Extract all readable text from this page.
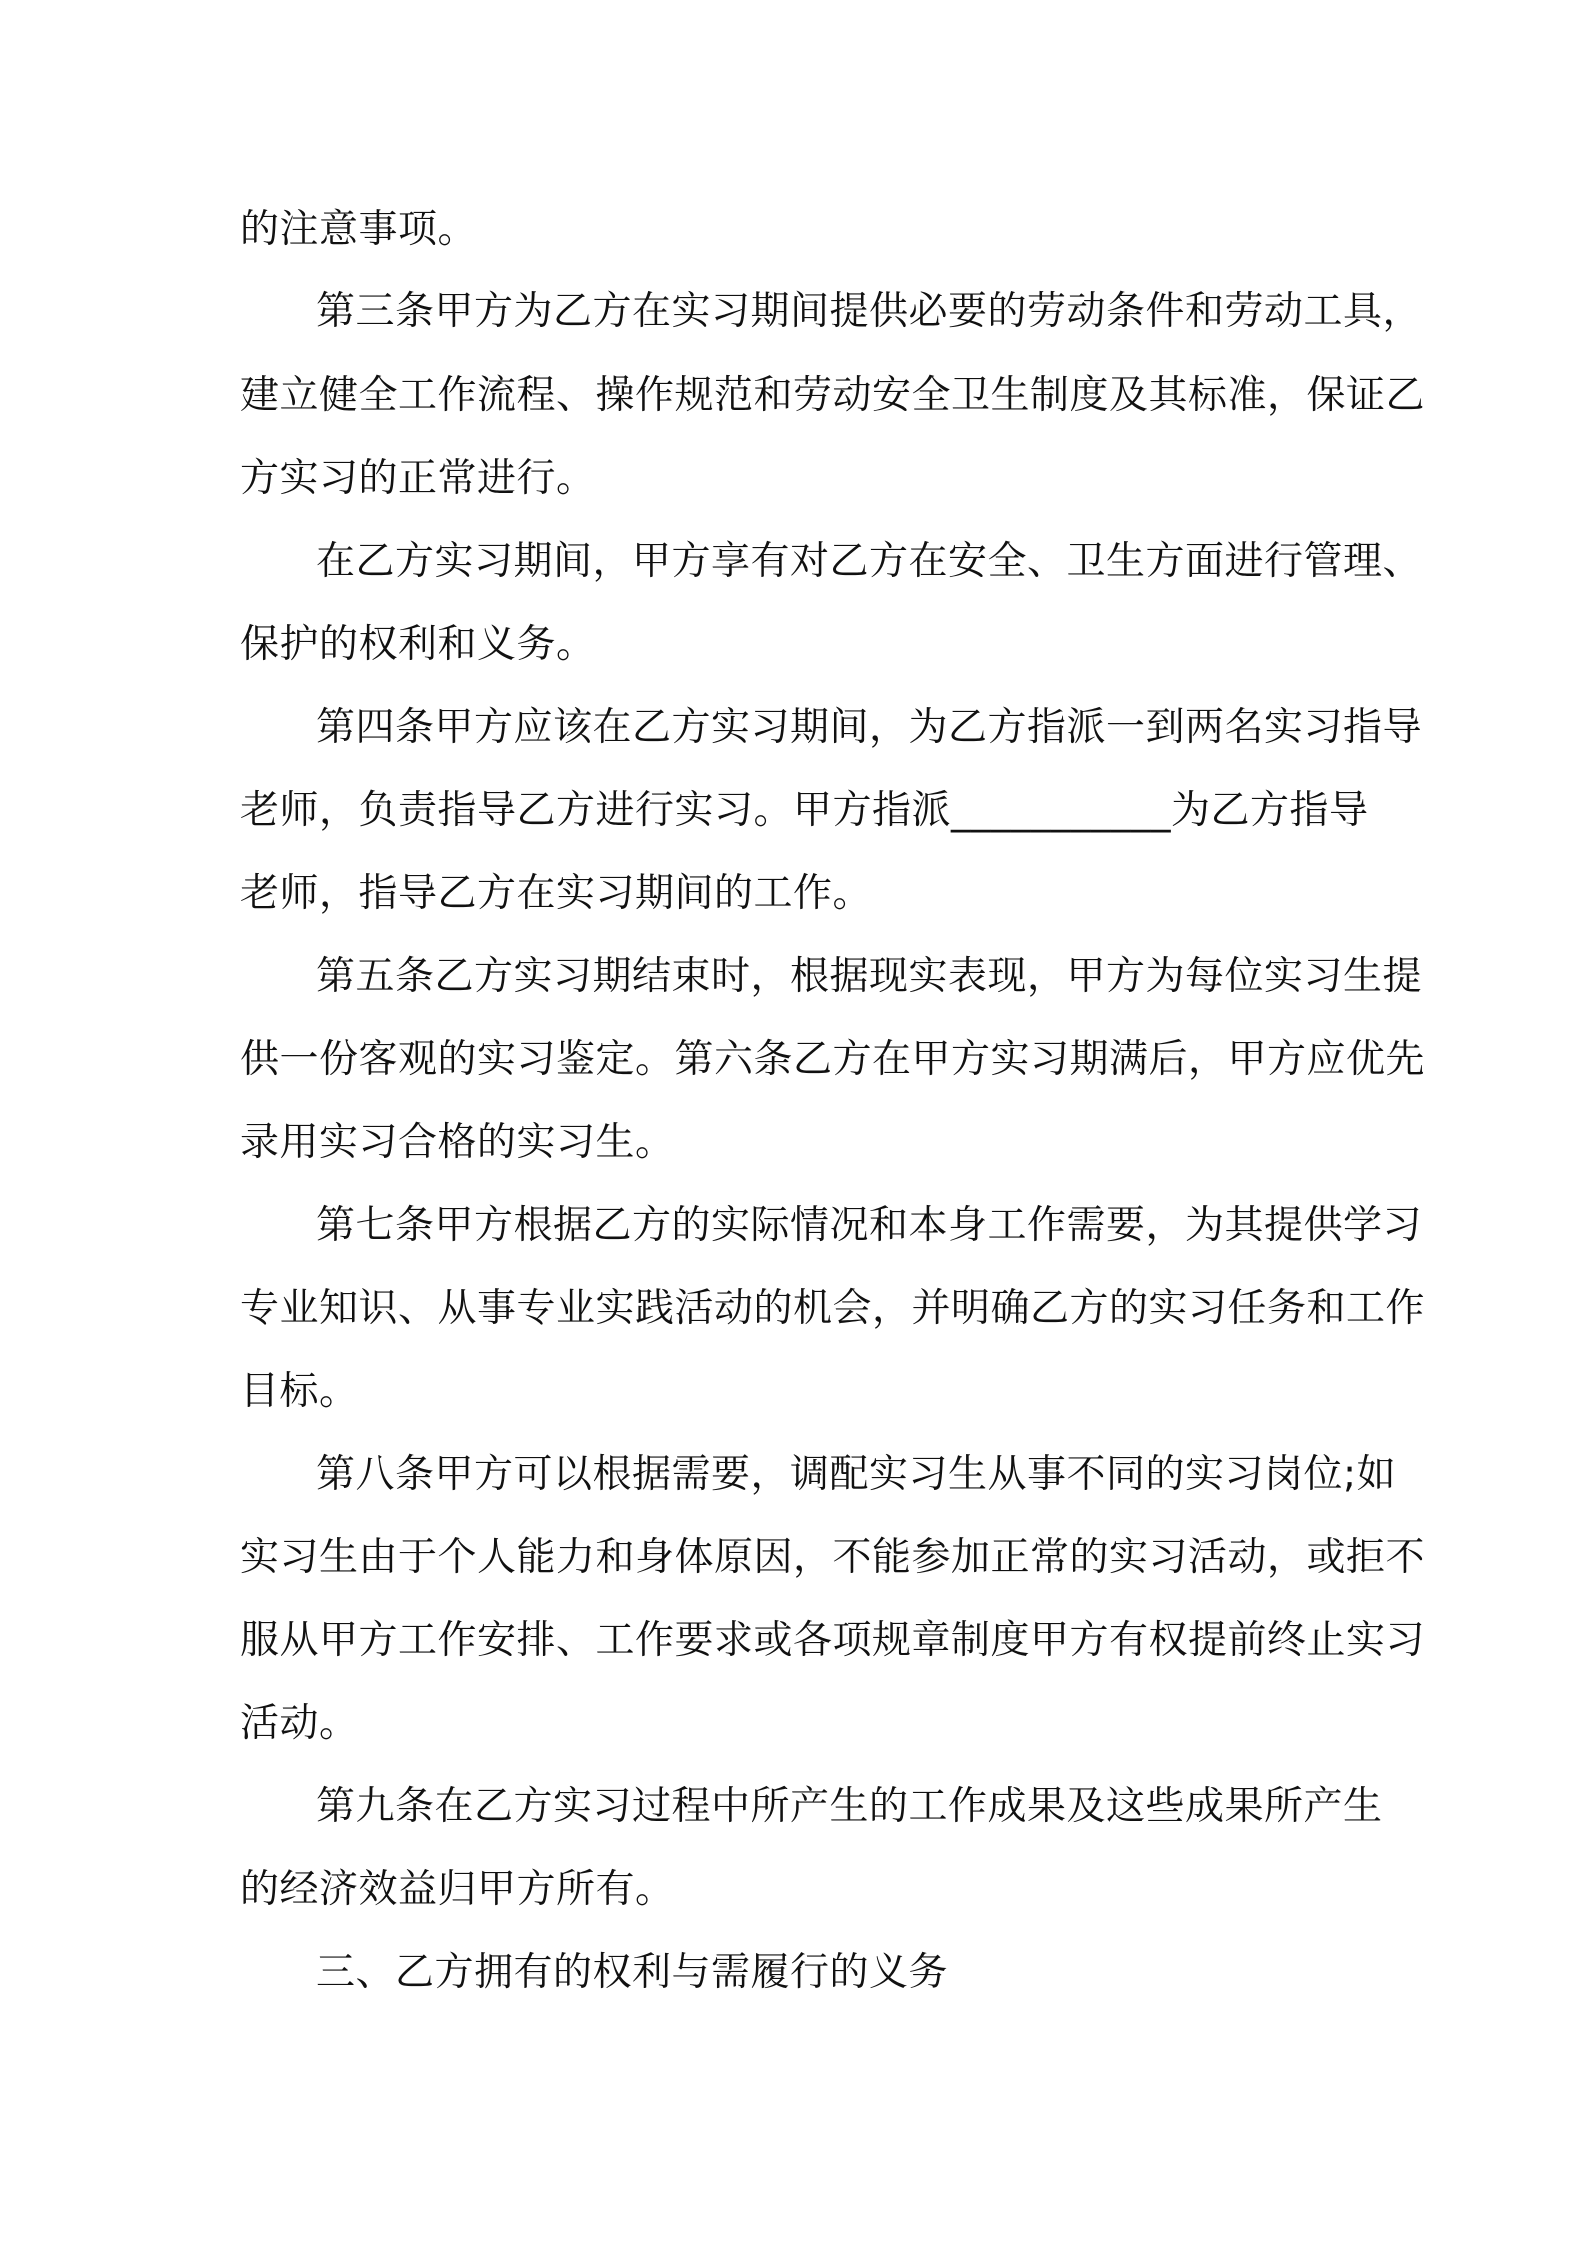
的注意事项。
第三条甲方为乙方在实习期间提供必要的劳动条件和劳动工具，
建立健全工作流程、操作规范和劳动安全卫生制度及其标准，保证乙
方实习的正常进行。
在乙方实习期间，甲方享有对乙方在安全、卫生方面进行管理、
保护的权利和义务。
第四条甲方应该在乙方实习期间，为乙方指派一到两名实习指导
老师，负责指导乙方进行实习。甲方指派___________为乙方指导
老师，指导乙方在实习期间的工作。
第五条乙方实习期结束时，根据现实表现，甲方为每位实习生提
供一份客观的实习鉴定。第六条乙方在甲方实习期满后，甲方应优先
录用实习合格的实习生。
第七条甲方根据乙方的实际情况和本身工作需要，为其提供学习
专业知识、从事专业实践活动的机会，并明确乙方的实习任务和工作
目标。
第八条甲方可以根据需要，调配实习生从事不同的实习岗位;如
实习生由于个人能力和身体原因，不能参加正常的实习活动，或拒不
服从甲方工作安排、工作要求或各项规章制度甲方有权提前终止实习
活动。
第九条在乙方实习过程中所产生的工作成果及这些成果所产生
的经济效益归甲方所有。
三、乙方拥有的权利与需履行的义务
